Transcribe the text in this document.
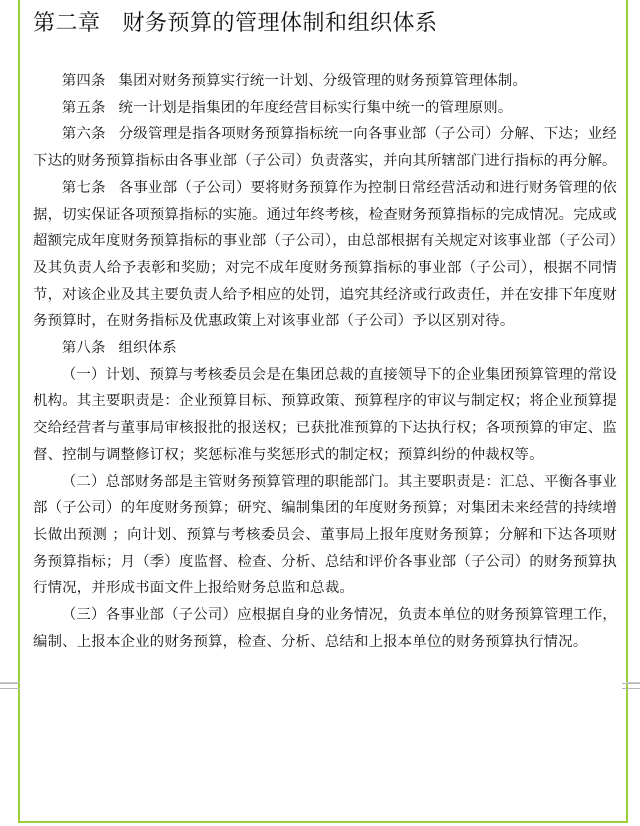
第二章 财务预算的管理体制和组织体系

第四条 集团对财务预算实行统一计划、分级管理的财务预算管理体制。

第五条 统一计划是指集团的年度经营目标实行集中统一的管理原则。

第六条 分级管理是指各项财务预算指标统一向各事业部（子公司）分解、下达；业经下达的财务预算指标由各事业部（子公司）负责落实，并向其所辖部门进行指标的再分解。

第七条 各事业部（子公司）要将财务预算作为控制日常经营活动和进行财务管理的依据，切实保证各项预算指标的实施。通过年终考核，检查财务预算指标的完成情况。完成或超额完成年度财务预算指标的事业部（子公司），由总部根据有关规定对该事业部（子公司）及其负责人给予表彰和奖励；对完不成年度财务预算指标的事业部（子公司），根据不同情节，对该企业及其主要负责人给予相应的处罚，追究其经济或行政责任，并在安排下年度财务预算时，在财务指标及优惠政策上对该事业部（子公司）予以区别对待。

第八条 组织体系

（一）计划、预算与考核委员会是在集团总裁的直接领导下的企业集团预算管理的常设机构。其主要职责是：企业预算目标、预算政策、预算程序的审议与制定权；将企业预算提交给经营者与董事局审核报批的报送权；已获批准预算的下达执行权；各项预算的审定、监督、控制与调整修订权；奖惩标准与奖惩形式的制定权；预算纠纷的仲裁权等。

（二）总部财务部是主管财务预算管理的职能部门。其主要职责是：汇总、平衡各事业部（子公司）的年度财务预算；研究、编制集团的年度财务预算；对集团未来经营的持续增长做出预测 ；向计划、预算与考核委员会、董事局上报年度财务预算；分解和下达各项财务预算指标；月（季）度监督、检查、分析、总结和评价各事业部（子公司）的财务预算执行情况，并形成书面文件上报给财务总监和总裁。

（三）各事业部（子公司）应根据自身的业务情况，负责本单位的财务预算管理工作，编制、上报本企业的财务预算，检查、分析、总结和上报本单位的财务预算执行情况。
